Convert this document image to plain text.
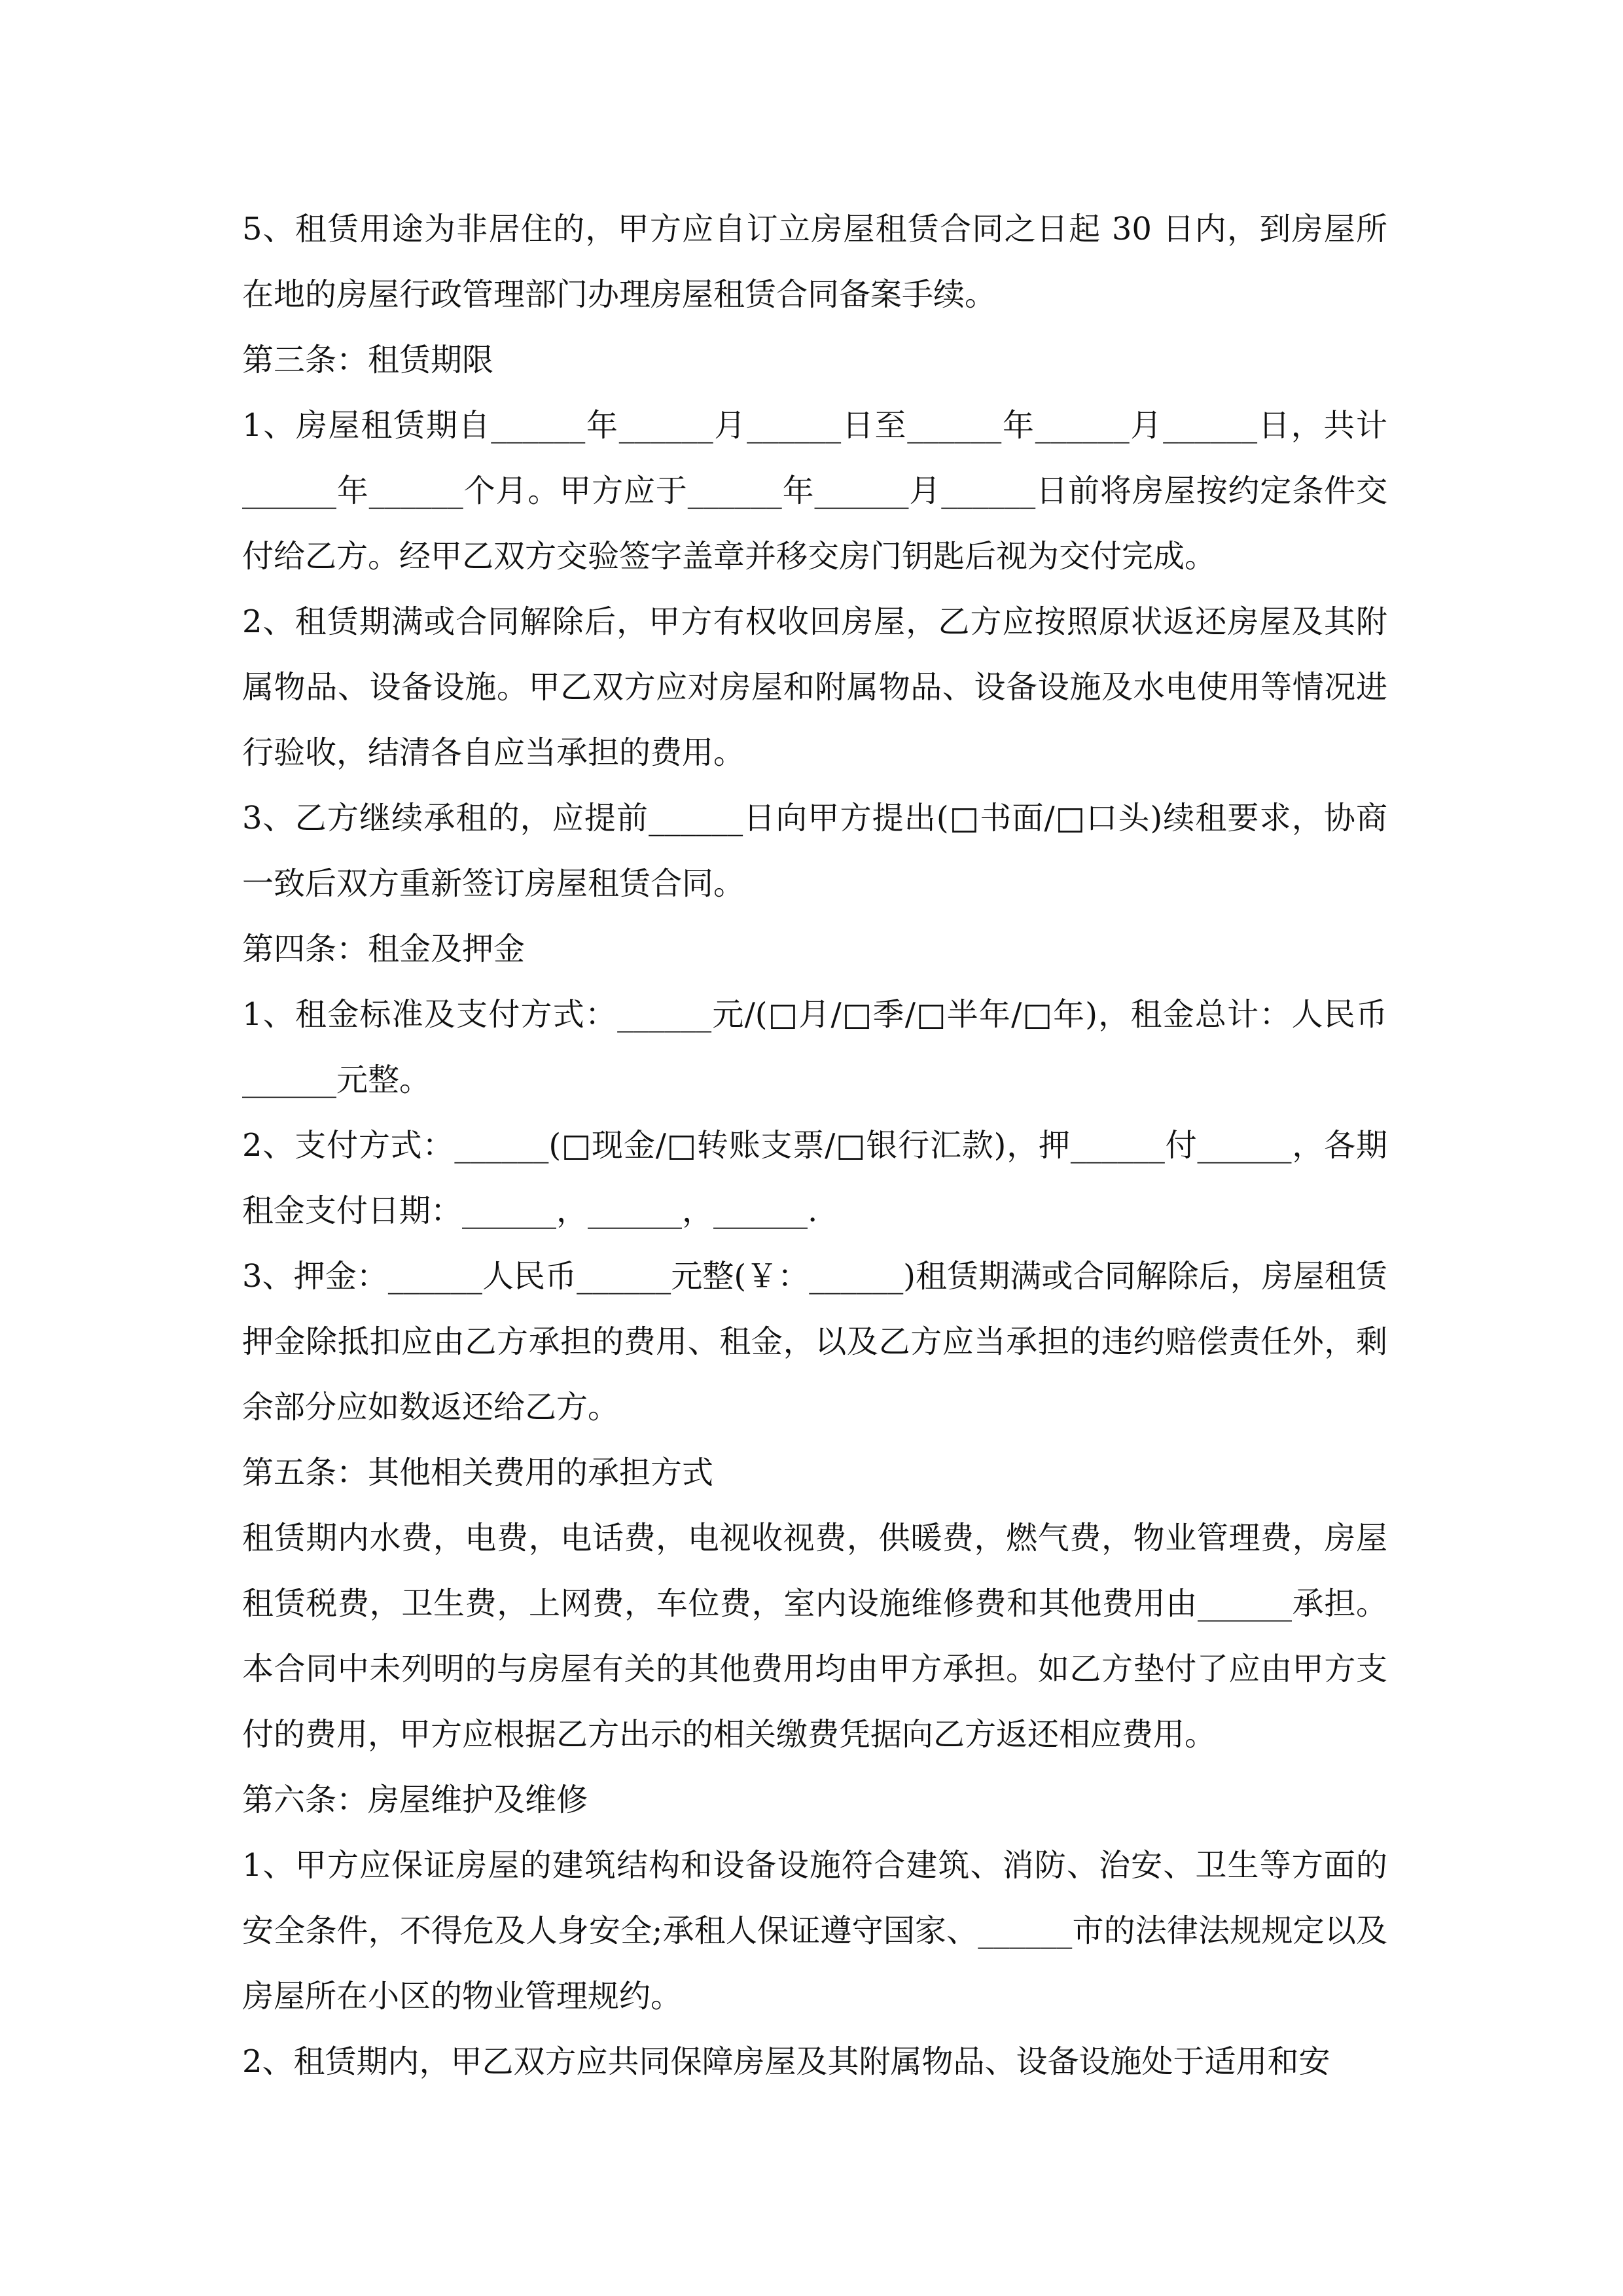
5、租赁用途为非居住的，甲方应自订立房屋租赁合同之日起 30 日内，到房屋所在地的房屋行政管理部门办理房屋租赁合同备案手续。

第三条：租赁期限

1、房屋租赁期自______年______月______日至______年______月______日，共计______年______个月。甲方应于______年______月______日前将房屋按约定条件交付给乙方。经甲乙双方交验签字盖章并移交房门钥匙后视为交付完成。

2、租赁期满或合同解除后，甲方有权收回房屋，乙方应按照原状返还房屋及其附属物品、设备设施。甲乙双方应对房屋和附属物品、设备设施及水电使用等情况进行验收，结清各自应当承担的费用。

3、乙方继续承租的，应提前______日向甲方提出(□书面/□口头)续租要求，协商一致后双方重新签订房屋租赁合同。

第四条：租金及押金

1、租金标准及支付方式：______元/(□月/□季/□半年/□年)，租金总计：人民币______元整。

2、支付方式：______(□现金/□转账支票/□银行汇款)，押______付______，各期租金支付日期：______，______，______.

3、押金：______人民币______元整(￥：______)租赁期满或合同解除后，房屋租赁押金除抵扣应由乙方承担的费用、租金，以及乙方应当承担的违约赔偿责任外，剩余部分应如数返还给乙方。

第五条：其他相关费用的承担方式

租赁期内水费，电费，电话费，电视收视费，供暖费，燃气费，物业管理费，房屋租赁税费，卫生费，上网费，车位费，室内设施维修费和其他费用由______承担。本合同中未列明的与房屋有关的其他费用均由甲方承担。如乙方垫付了应由甲方支付的费用，甲方应根据乙方出示的相关缴费凭据向乙方返还相应费用。

第六条：房屋维护及维修

1、甲方应保证房屋的建筑结构和设备设施符合建筑、消防、治安、卫生等方面的安全条件，不得危及人身安全;承租人保证遵守国家、______市的法律法规规定以及房屋所在小区的物业管理规约。

2、租赁期内，甲乙双方应共同保障房屋及其附属物品、设备设施处于适用和安
